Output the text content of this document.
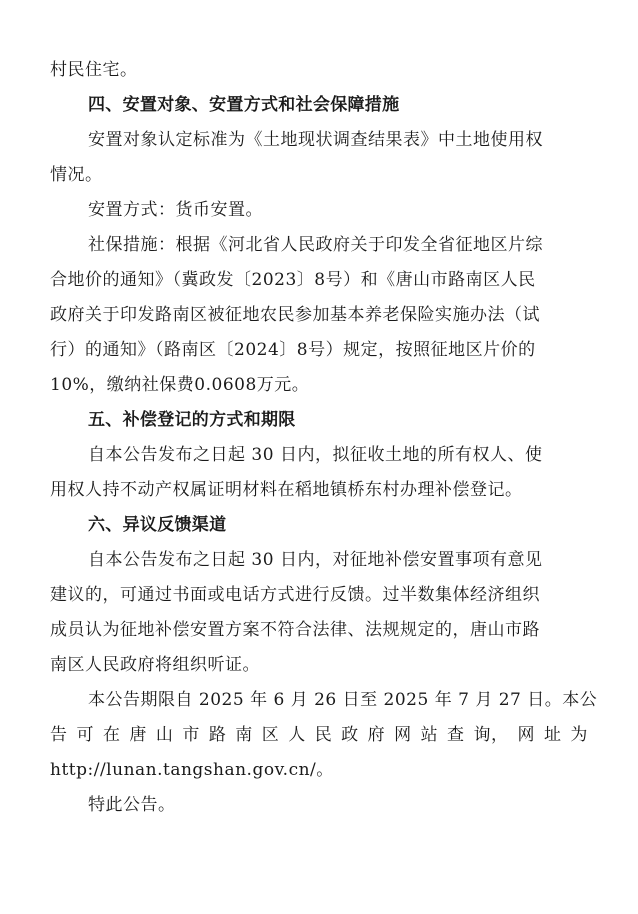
村民住宅。
四、安置对象、安置方式和社会保障措施
安置对象认定标准为《土地现状调查结果表》中土地使用权
情况。
安置方式：货币安置。
社保措施：根据《河北省人民政府关于印发全省征地区片综
合地价的通知》（冀政发〔2023〕8号）和《唐山市路南区人民
政府关于印发路南区被征地农民参加基本养老保险实施办法（试
行）的通知》（路南区〔2024〕8号）规定，按照征地区片价的
10%，缴纳社保费0.0608万元。
五、补偿登记的方式和期限
自本公告发布之日起 30 日内，拟征收土地的所有权人、使
用权人持不动产权属证明材料在稻地镇桥东村办理补偿登记。
六、异议反馈渠道
自本公告发布之日起 30 日内，对征地补偿安置事项有意见
建议的，可通过书面或电话方式进行反馈。过半数集体经济组织
成员认为征地补偿安置方案不符合法律、法规规定的，唐山市路
南区人民政府将组织听证。
本公告期限自 2025 年 6 月 26 日至 2025 年 7 月 27 日。本公
告 可 在 唐 山 市 路 南 区 人 民 政 府 网 站 查 询， 网 址 为
http://lunan.tangshan.gov.cn/。
特此公告。
